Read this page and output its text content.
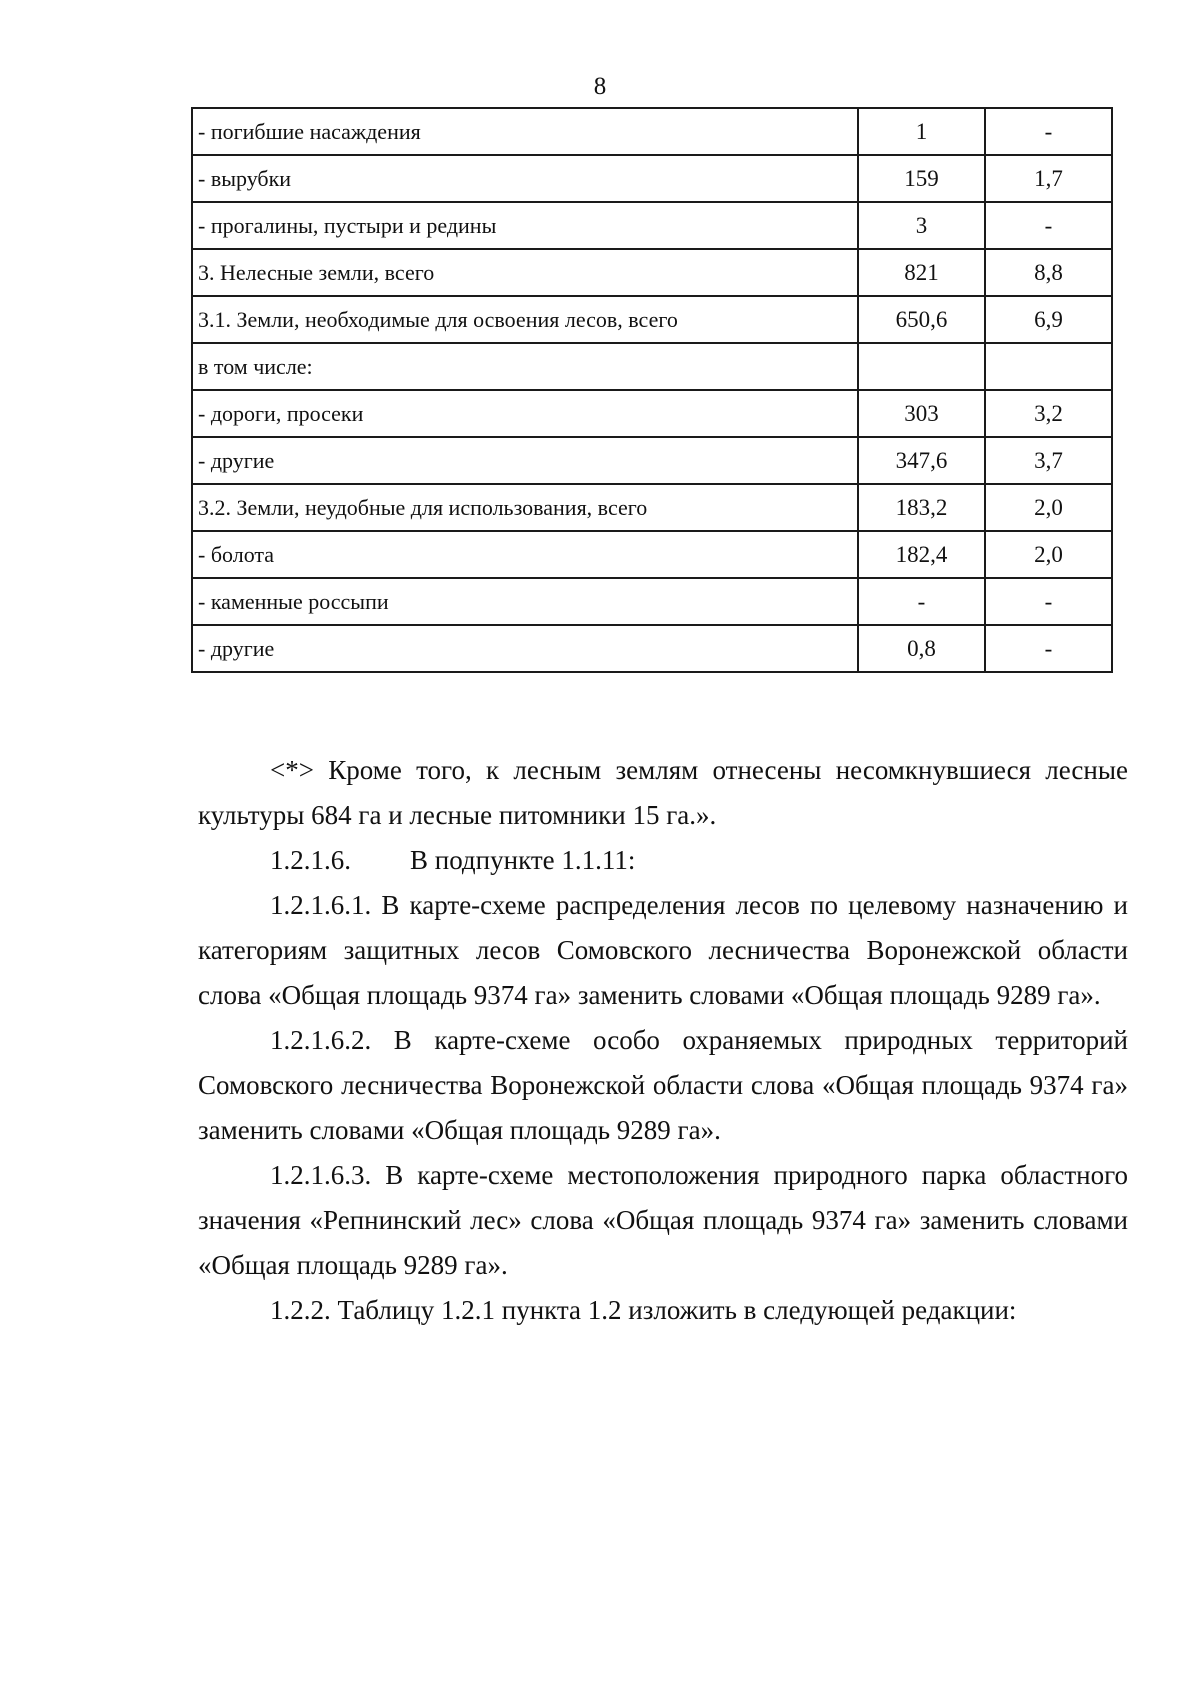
8
- погибшие насаждения	1	-
- вырубки	159	1,7
- прогалины, пустыри и редины	3	-
3. Нелесные земли, всего	821	8,8
3.1. Земли, необходимые для освоения лесов, всего	650,6	6,9
в том числе:		
- дороги, просеки	303	3,2
- другие	347,6	3,7
3.2. Земли, неудобные для использования, всего	183,2	2,0
- болота	182,4	2,0
- каменные россыпи	-	-
- другие	0,8	-

<*> Кроме того, к лесным землям отнесены несомкнувшиеся лесные культуры 684 га и лесные питомники 15 га.».

1.2.1.6. В подпункте 1.1.11:

1.2.1.6.1. В карте-схеме распределения лесов по целевому назначению и категориям защитных лесов Сомовского лесничества Воронежской области слова «Общая площадь 9374 га» заменить словами «Общая площадь 9289 га».

1.2.1.6.2. В карте-схеме особо охраняемых природных территорий Сомовского лесничества Воронежской области слова «Общая площадь 9374 га» заменить словами «Общая площадь 9289 га».

1.2.1.6.3. В карте-схеме местоположения природного парка областного значения «Репнинский лес» слова «Общая площадь 9374 га» заменить словами «Общая площадь 9289 га».

1.2.2. Таблицу 1.2.1 пункта 1.2 изложить в следующей редакции:
